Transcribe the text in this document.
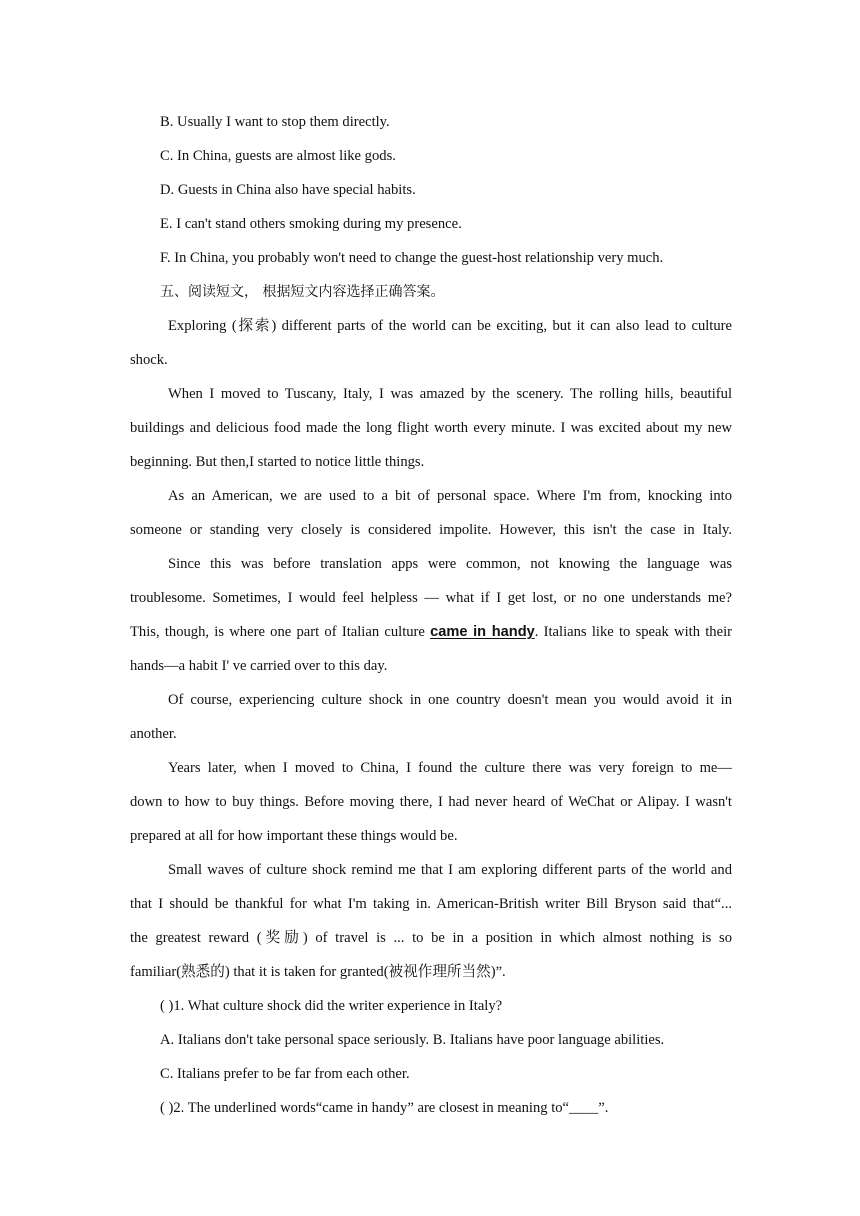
B. Usually I want to stop them directly.
C. In China, guests are almost like gods.
D. Guests in China also have special habits.
E. I can't stand others smoking during my presence.
F. In China, you probably won't need to change the guest-host relationship very much.
五、阅读短文， 根据短文内容选择正确答案。
Exploring (探索) different parts of the world can be exciting, but it can also lead to culture
shock.
When I moved to Tuscany, Italy, I was amazed by the scenery. The rolling hills, beautiful
buildings and delicious food made the long flight worth every minute. I was excited about my new
beginning. But then,I started to notice little things.
As an American, we are used to a bit of personal space. Where I'm from, knocking into
someone or standing very closely is considered impolite. However, this isn't the case in Italy.
Since this was before translation apps were common, not knowing the language was
troublesome. Sometimes, I would feel helpless — what if I get lost, or no one understands me?
This, though, is where one part of Italian culture came in handy. Italians like to speak with their
hands—a habit I' ve carried over to this day.
Of course, experiencing culture shock in one country doesn't mean you would avoid it in
another.
Years later, when I moved to China, I found the culture there was very foreign to me—
down to how to buy things. Before moving there, I had never heard of WeChat or Alipay. I wasn't
prepared at all for how important these things would be.
Small waves of culture shock remind me that I am exploring different parts of the world and
that I should be thankful for what I'm taking in. American-British writer Bill Bryson said that“...
the greatest reward (奖励) of travel is ... to be in a position in which almost nothing is so
familiar(熟悉的) that it is taken for granted(被视作理所当然)”.
( )1. What culture shock did the writer experience in Italy?
A. Italians don't take personal space seriously. B. Italians have poor language abilities.
C. Italians prefer to be far from each other.
( )2. The underlined words“came in handy” are closest in meaning to“____”.
